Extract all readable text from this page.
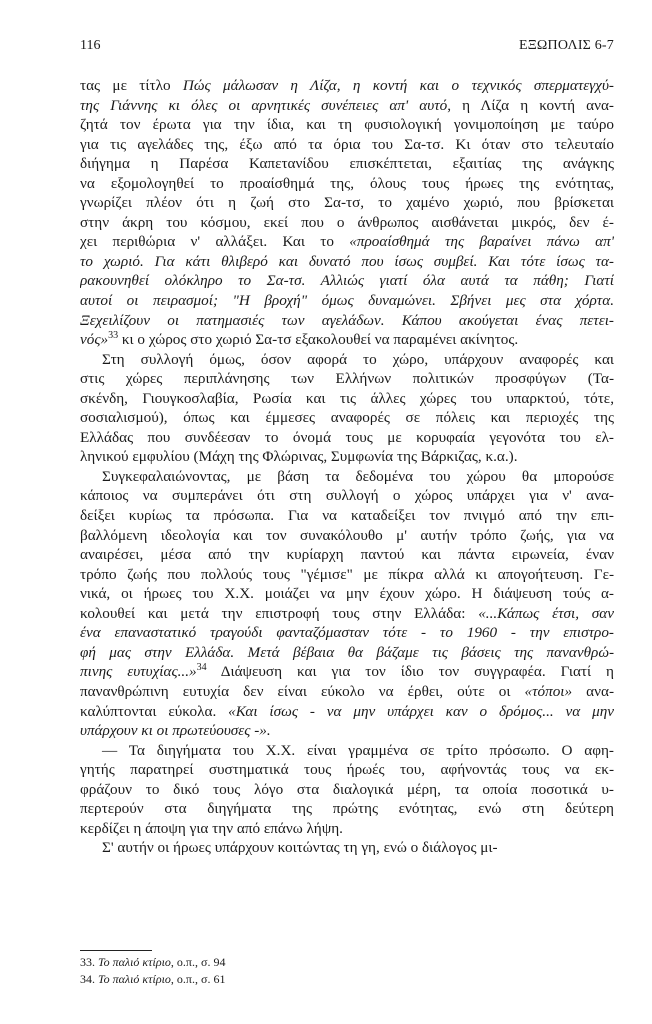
116	ΕΞΩΠΟΛΙΣ 6-7
τας με τίτλο Πώς μάλωσαν η Λίζα, η κοντή και ο τεχνικός σπερματεγχύ-
της Γιάννης κι όλες οι αρνητικές συνέπειες απ' αυτό, η Λίζα η κοντή ανα-
ζητά τον έρωτα για την ίδια, και τη φυσιολογική γονιμοποίηση με ταύρο
για τις αγελάδες της, έξω από τα όρια του Σα-τσ. Κι όταν στο τελευταίο
διήγημα η Παρέσα Καπετανίδου επισκέπτεται, εξαιτίας της ανάγκης
να εξομολογηθεί το προαίσθημά της, όλους τους ήρωες της ενότητας,
γνωρίζει πλέον ότι η ζωή στο Σα-τσ, το χαμένο χωριό, που βρίσκεται
στην άκρη του κόσμου, εκεί που ο άνθρωπος αισθάνεται μικρός, δεν έ-
χει περιθώρια ν' αλλάξει. Και το «προαίσθημά της βαραίνει πάνω απ'
το χωριό. Για κάτι θλιβερό και δυνατό που ίσως συμβεί. Και τότε ίσως τα-
ρακουνηθεί ολόκληρο το Σα-τσ. Αλλιώς γιατί όλα αυτά τα πάθη; Γιατί
αυτοί οι πειρασμοί; "Η βροχή" όμως δυναμώνει. Σβήνει μες στα χόρτα.
Ξεχειλίζουν οι πατημασιές των αγελάδων. Κάπου ακούγεται ένας πετει-
νός»$^{33}$ κι ο χώρος στο χωριό Σα-τσ εξακολουθεί να παραμένει ακίνητος.
Στη συλλογή όμως, όσον αφορά το χώρο, υπάρχουν αναφορές και
στις χώρες περιπλάνησης των Ελλήνων πολιτικών προσφύγων (Τα-
σκένδη, Γιουγκοσλαβία, Ρωσία και τις άλλες χώρες του υπαρκτού, τότε,
σοσιαλισμού), όπως και έμμεσες αναφορές σε πόλεις και περιοχές της
Ελλάδας που συνδέεσαν το όνομά τους με κορυφαία γεγονότα του ελ-
ληνικού εμφυλίου (Μάχη της Φλώρινας, Συμφωνία της Βάρκιζας, κ.α.).
Συγκεφαλαιώνοντας, με βάση τα δεδομένα του χώρου θα μπορούσε
κάποιος να συμπεράνει ότι στη συλλογή ο χώρος υπάρχει για ν' ανα-
δείξει κυρίως τα πρόσωπα. Για να καταδείξει τον πνιγμό από την επι-
βαλλόμενη ιδεολογία και τον συνακόλουθο μ' αυτήν τρόπο ζωής, για να
αναιρέσει, μέσα από την κυρίαρχη παντού και πάντα ειρωνεία, έναν
τρόπο ζωής που πολλούς τους "γέμισε" με πίκρα αλλά κι απογοήτευση. Γε-
νικά, οι ήρωες του Χ.Χ. μοιάζει να μην έχουν χώρο. Η διάψευση τούς α-
κολουθεί και μετά την επιστροφή τους στην Ελλάδα: «...Κάπως έτσι, σαν
ένα επαναστατικό τραγούδι φανταζόμασταν τότε - το 1960 - την επιστρο-
φή μας στην Ελλάδα. Μετά βέβαια θα βάζαμε τις βάσεις της πανανθρώ-
πινης ευτυχίας...»$^{34}$ Διάψευση και για τον ίδιο τον συγγραφέα. Γιατί η
πανανθρώπινη ευτυχία δεν είναι εύκολο να έρθει, ούτε οι «τόποι» ανα-
καλύπτονται εύκολα. «Και ίσως - να μην υπάρχει καν ο δρόμος... να μην
υπάρχουν κι οι πρωτεύουσες -».
— Τα διηγήματα του Χ.Χ. είναι γραμμένα σε τρίτο πρόσωπο. Ο αφη-
γητής παρατηρεί συστηματικά τους ήρωές του, αφήνοντάς τους να εκ-
φράζουν το δικό τους λόγο στα διαλογικά μέρη, τα οποία ποσοτικά υ-
περτερούν στα διηγήματα της πρώτης ενότητας, ενώ στη δεύτερη
κερδίζει η άποψη για την από επάνω λήψη.
Σ' αυτήν οι ήρωες υπάρχουν κοιτώντας τη γη, ενώ ο διάλογος μι-
33. Το παλιό κτίριο, ο.π., σ. 94
34. Το παλιό κτίριο, ο.π., σ. 61
